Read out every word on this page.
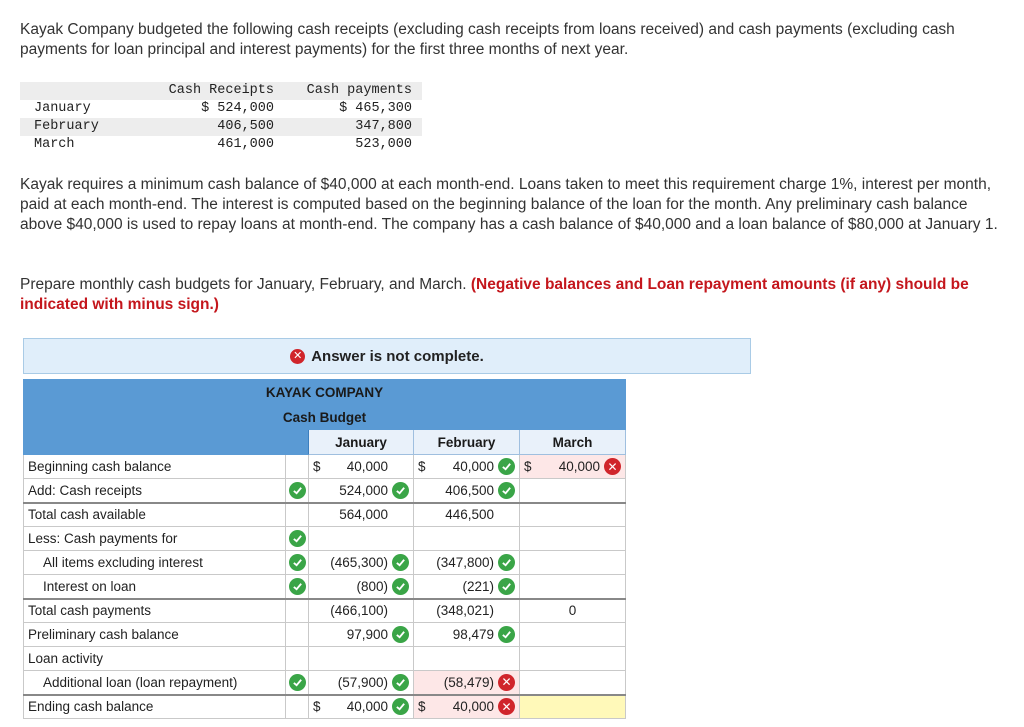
Kayak Company budgeted the following cash receipts (excluding cash receipts from loans received) and cash payments (excluding cash payments for loan principal and interest payments) for the first three months of next year.

	Cash Receipts	Cash payments
January	$ 524,000	$ 465,300
February	406,500	347,800
March	461,000	523,000

Kayak requires a minimum cash balance of $40,000 at each month-end. Loans taken to meet this requirement charge 1%, interest per month, paid at each month-end. The interest is computed based on the beginning balance of the loan for the month. Any preliminary cash balance above $40,000 is used to repay loans at month-end. The company has a cash balance of $40,000 and a loan balance of $80,000 at January 1.

Prepare monthly cash budgets for January, February, and March. (Negative balances and Loan repayment amounts (if any) should be indicated with minus sign.)

✕ Answer is not complete.
KAYAK COMPANY				
Cash Budget				
		January	February	March
Beginning cash balance		$ 40,000	$ 40,000	$ 40,000 ✕

Add: Cash receipts		524,000	406,500	

Total cash available		564,000	446,500	

Less: Cash payments for	

All items excluding interest		(465,300)	(347,800)	

Interest on loan		(800)	(221)	

Total cash payments		(466,100)	(348,021)	0

Preliminary cash balance		97,900	98,479	

Loan activity				
Additional loan (loan repayment)		(57,900)	(58,479) ✕	

Ending cash balance		$ 40,000	$ 40,000 ✕	
